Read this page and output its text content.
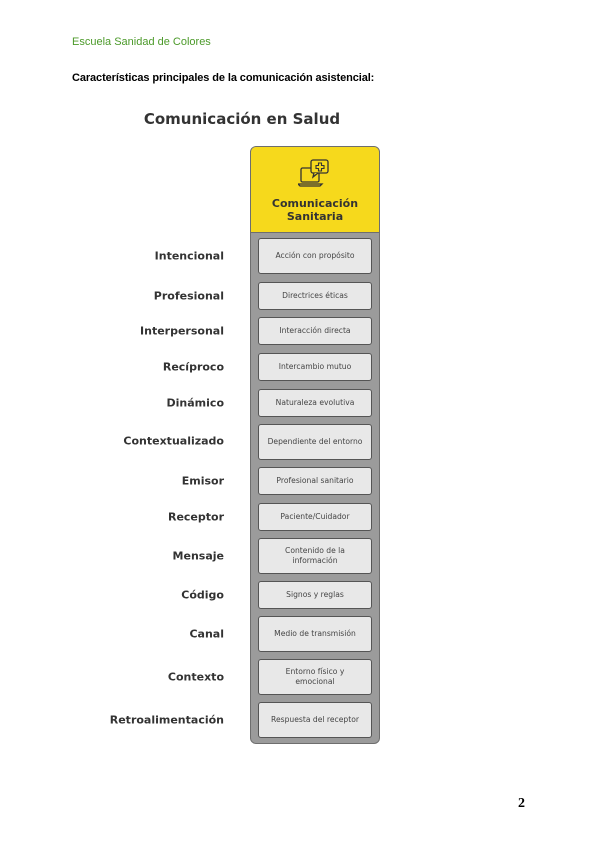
Escuela Sanidad de Colores
Características principales de la comunicación asistencial:
Comunicación en Salud
Comunicación
Sanitaria
Intencional	Acción con propósito
Profesional	Directrices éticas
Interpersonal	Interacción directa
Recíproco	Intercambio mutuo
Dinámico	Naturaleza evolutiva
Contextualizado	Dependiente del entorno
Emisor	Profesional sanitario
Receptor	Paciente/Cuidador
Mensaje	Contenido de la información
Código	Signos y reglas
Canal	Medio de transmisión
Contexto	Entorno físico y emocional
Retroalimentación	Respuesta del receptor
2
